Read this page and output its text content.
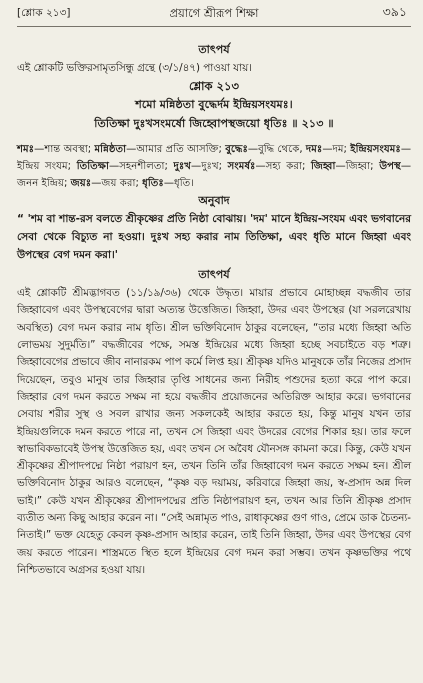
[শ্লোক ২১৩]	প্রয়াগে শ্রীরূপ শিক্ষা	৩৯১
তাৎপর্য

এই শ্লোকটি ভক্তিরসামৃতসিন্ধু গ্রন্থে (৩/১/৪৭) পাওয়া যায়।

শ্লোক ২১৩

শমো মন্নিষ্ঠতা বুদ্ধের্দম ইন্দ্রিয়সংযমঃ।

তিতিক্ষা দুঃখসংমর্ষো জিহ্বোপস্থজয়ো ধৃতিঃ ॥ ২১৩ ॥

শমঃ—শান্ত অবস্থা; মন্নিষ্ঠতা—আমার প্রতি আসক্তি; বুদ্ধেঃ—বুদ্ধি থেকে, দমঃ—দম; ইন্দ্রিয়সংযমঃ—ইন্দ্রিয় সংযম; তিতিক্ষা—সহনশীলতা; দুঃখ—দুঃখ; সংমর্ষঃ—সহ্য করা; জিহ্বা—জিহ্বা; উপস্থ—জনন ইন্দ্রিয়; জয়ঃ—জয় করা; ধৃতিঃ—ধৃতি।

অনুবাদ

“ 'শম বা শান্ত-রস বলতে শ্রীকৃষ্ণের প্রতি নিষ্ঠা বোঝায়। 'দম' মানে ইন্দ্রিয়-সংযম এবং ভগবানের সেবা থেকে বিচ্যুত না হওয়া। দুঃখ সহ্য করার নাম তিতিক্ষা, এবং ধৃতি মানে জিহ্বা এবং উপস্থের বেগ দমন করা।'

তাৎপর্য

এই শ্লোকটি শ্রীমদ্ভাগবত (১১/১৯/৩৬) থেকে উদ্ধৃত। মায়ার প্রভাবে মোহাচ্ছন্ন বদ্ধজীব তার জিহ্বাবেগ এবং উপস্থবেগের দ্বারা অত্যন্ত উত্তেজিত। জিহ্বা, উদর এবং উপস্থের (যা সরলরেখায় অবস্থিত) বেগ দমন করার নাম ধৃতি। শ্রীল ভক্তিবিনোদ ঠাকুর বলেছেন, “তার মধ্যে জিহ্বা অতি লোভময় সুদুর্মতি।” বদ্ধজীবের পক্ষে, সমস্ত ইন্দ্রিয়ের মধ্যে জিহ্বা হচ্ছে সবচাইতে বড় শত্রু। জিহ্বাবেগের প্রভাবে জীব নানারকম পাপ কর্মে লিপ্ত হয়। শ্রীকৃষ্ণ যদিও মানুষকে তাঁর নিজের প্রসাদ দিয়েছেন, তবুও মানুষ তার জিহ্বার তৃপ্তি সাধনের জন্য নিরীহ পশুদের হত্যা করে পাপ করে। জিহ্বার বেগ দমন করতে সক্ষম না হয়ে বদ্ধজীব প্রয়োজনের অতিরিক্ত আহার করে। ভগবানের সেবায় শরীর সুস্থ ও সবল রাখার জন্য সকলকেই আহার করতে হয়, কিন্তু মানুষ যখন তার ইন্দ্রিয়গুলিকে দমন করতে পারে না, তখন সে জিহ্বা এবং উদরের বেগের শিকার হয়। তার ফলে স্বাভাবিকভাবেই উপস্থ উত্তেজিত হয়, এবং তখন সে অবৈধ যৌনসঙ্গ কামনা করে। কিন্তু, কেউ যখন শ্রীকৃষ্ণের শ্রীপাদপদ্মে নিষ্ঠা পরায়ণ হন, তখন তিনি তাঁর জিহ্বাবেগ দমন করতে সক্ষম হন। শ্রীল ভক্তিবিনোদ ঠাকুর আরও বলেছেন, “কৃষ্ণ বড় দয়াময়, করিবারে জিহ্বা জয়, স্ব-প্রসাদ অন্ন দিল ভাই।” কেউ যখন শ্রীকৃষ্ণের শ্রীপাদপদ্মের প্রতি নিষ্ঠাপরায়ণ হন, তখন আর তিনি শ্রীকৃষ্ণ প্রসাদ ব্যতীত অন্য কিছু আহার করেন না। “সেই অন্নামৃত পাও, রাধাকৃষ্ণের গুণ গাও, প্রেমে ডাক চৈতন্য-নিতাই।” ভক্ত যেহেতু কেবল কৃষ্ণ-প্রসাদ আহার করেন, তাই তিনি জিহ্বা, উদর এবং উপস্থের বেগ জয় করতে পারেন। শাস্ত্রমতে স্থিত হলে ইন্দ্রিয়ের বেগ দমন করা সম্ভব। তখন কৃষ্ণভক্তির পথে নিশ্চিতভাবে অগ্রসর হওয়া যায়।
